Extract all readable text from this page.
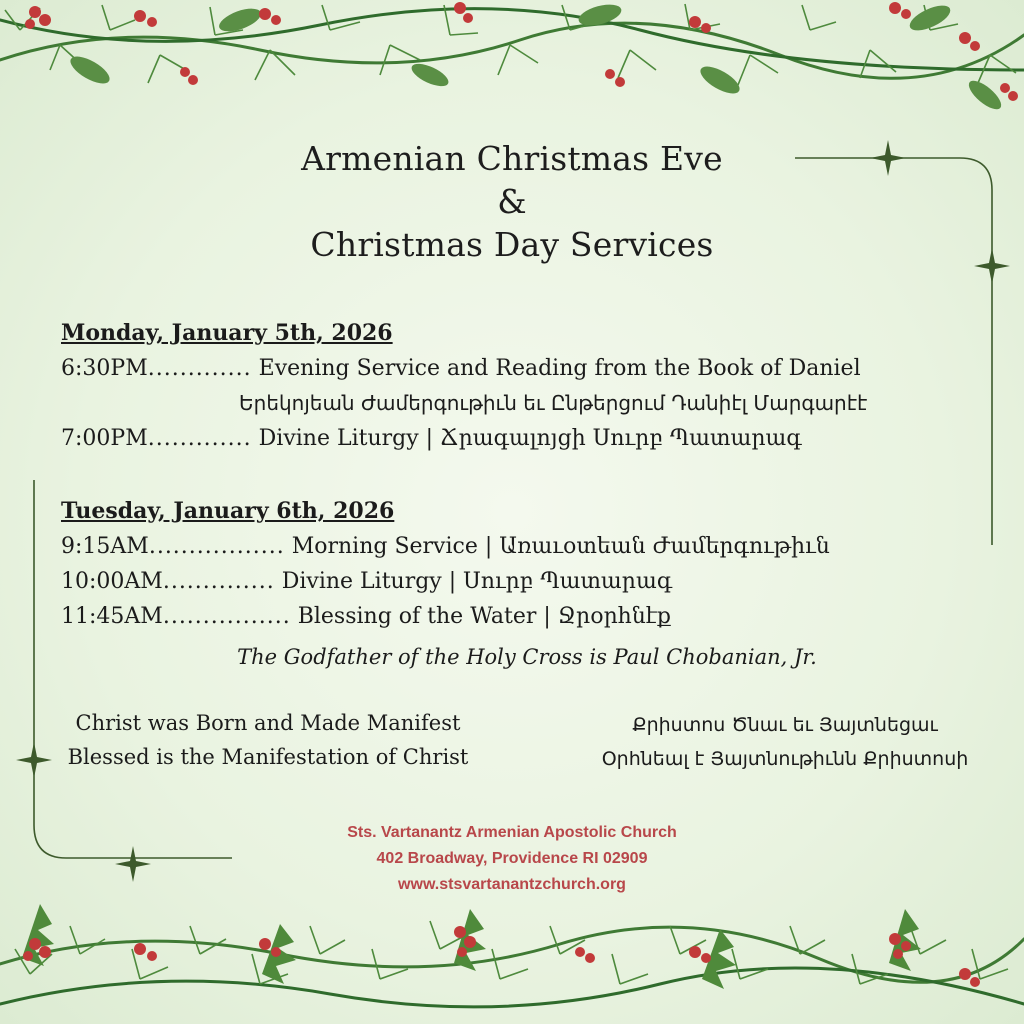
Armenian Christmas Eve
&
Christmas Day Services
Monday, January 5th, 2026
6:30PM............. Evening Service and Reading from the Book of Daniel
Երեկոյեան Ժամերգութիւն եւ Ընթերցում Դանիէլ Մարգարէէ
7:00PM............. Divine Liturgy | Ճրագալոյցի Սուրբ Պատարագ
Tuesday, January 6th, 2026
9:15AM................. Morning Service | Առաւօտեան Ժամերգութիւն
10:00AM.............. Divine Liturgy | Սուրբ Պատարագ
11:45AM................ Blessing of the Water | Ջրօրհնէք
The Godfather of the Holy Cross is Paul Chobanian, Jr.
Christ was Born and Made Manifest
Blessed is the Manifestation of Christ
Քրիստոս Ծնաւ եւ Յայտնեցաւ
Օրհնեալ է Յայտնութիւնն Քրիստոսի
Sts. Vartanantz Armenian Apostolic Church
402 Broadway, Providence RI 02909
www.stsvartanantzchurch.org
